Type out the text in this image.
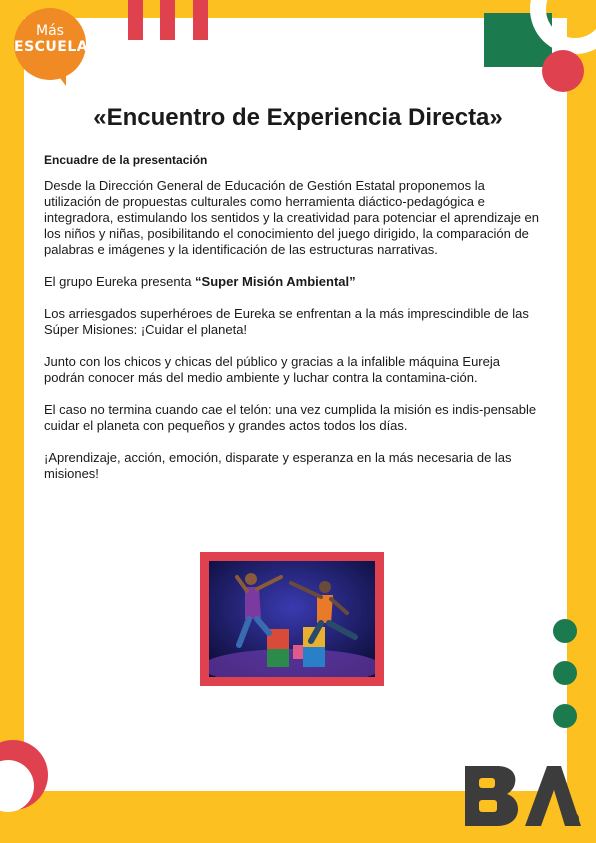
Más
ESCUELA
«Encuentro de Experiencia Directa»
Encuadre de la presentación

Desde la Dirección General de Educación de Gestión Estatal proponemos la utilización de propuestas culturales como herramienta diáctico-pedagógica e integradora, estimulando los sentidos y la creatividad para potenciar el aprendizaje en los niños y niñas, posibilitando el conocimiento del juego dirigido, la comparación de palabras e imágenes y la identificación de las estructuras narrativas.

El grupo Eureka presenta “Super Misión Ambiental”

Los arriesgados superhéroes de Eureka se enfrentan a la más imprescindible de las Súper Misiones: ¡Cuidar el planeta!

Junto con los chicos y chicas del público y gracias a la infalible máquina Eureja podrán conocer más del medio ambiente y luchar contra la contamina-ción.

El caso no termina cuando cae el telón: una vez cumplida la misión es indis-pensable cuidar el planeta con pequeños y grandes actos todos los días.

¡Aprendizaje, acción, emoción, disparate y esperanza en la más necesaria de las misiones!
